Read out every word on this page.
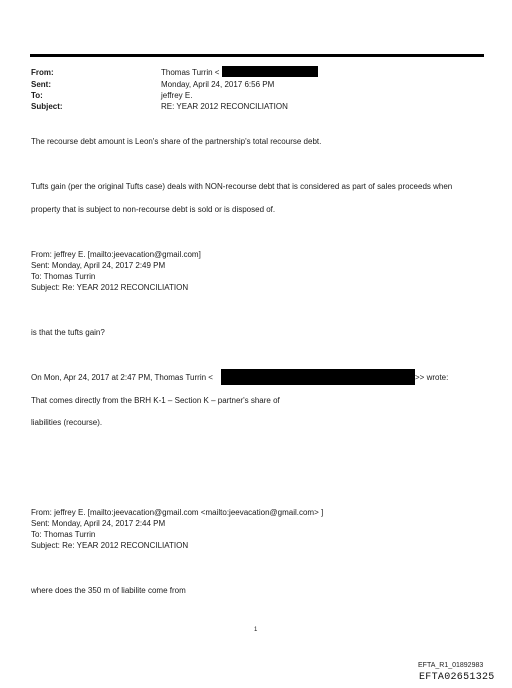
From:
Sent:
To:
Subject:
Thomas Turrin <
Monday, April 24, 2017 6:56 PM
jeffrey E.
RE: YEAR 2012 RECONCILIATION
The recourse debt amount is Leon's share of the partnership's total recourse debt.
Tufts gain (per the original Tufts case) deals with NON-recourse debt that is considered as part of sales proceeds when
property that is subject to non-recourse debt is sold or is disposed of.
From: jeffrey E. [mailto:jeevacation@gmail.com]
Sent: Monday, April 24, 2017 2:49 PM
To: Thomas Turrin
Subject: Re: YEAR 2012 RECONCILIATION
is that the tufts gain?
On Mon, Apr 24, 2017 at 2:47 PM, Thomas Turrin <	>> wrote:
That comes directly from the BRH K-1 – Section K – partner's share of
liabilities (recourse).
From: jeffrey E. [mailto:jeevacation@gmail.com <mailto:jeevacation@gmail.com> ]
Sent: Monday, April 24, 2017 2:44 PM
To: Thomas Turrin
Subject: Re: YEAR 2012 RECONCILIATION
where does the 350 m of liabilite come from
1
EFTA_R1_01892983
EFTA02651325
